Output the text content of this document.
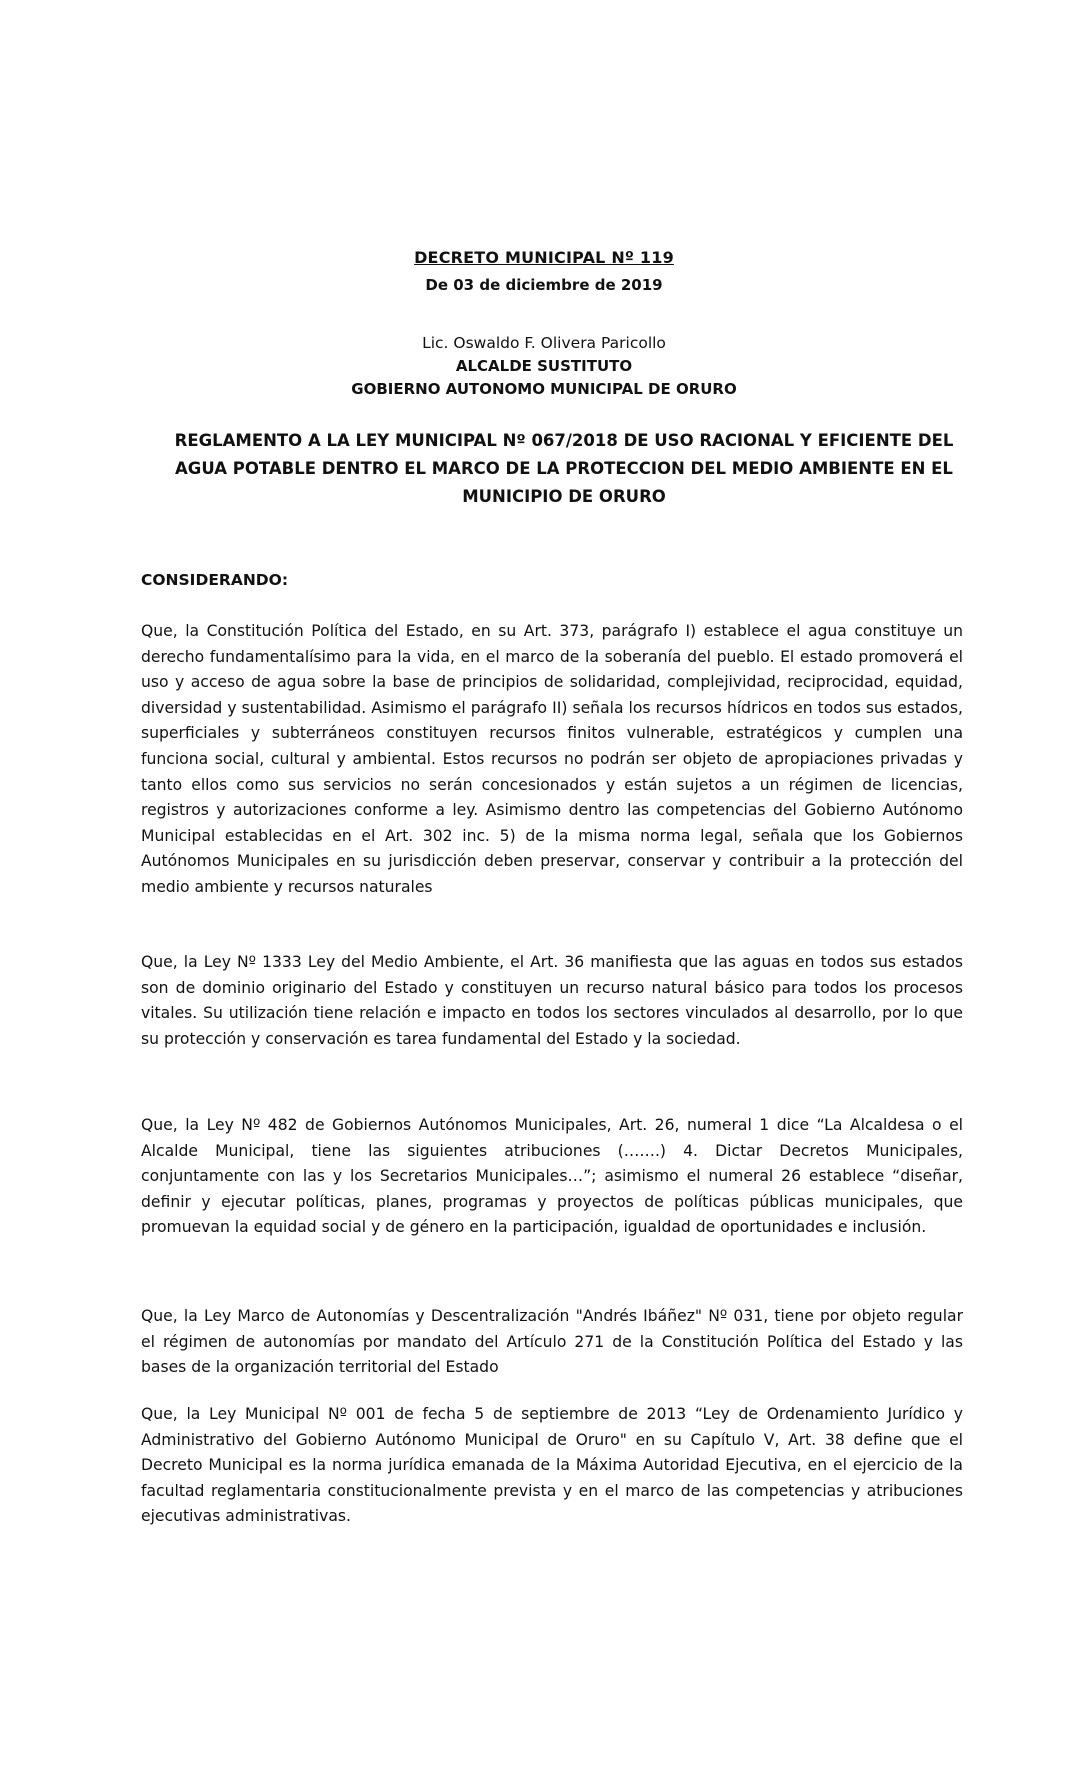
DECRETO MUNICIPAL Nº 119
De 03 de diciembre de 2019
Lic. Oswaldo F. Olivera Paricollo
ALCALDE SUSTITUTO
GOBIERNO AUTONOMO MUNICIPAL DE ORURO
REGLAMENTO A LA LEY MUNICIPAL Nº 067/2018 DE USO RACIONAL Y EFICIENTE DEL AGUA POTABLE DENTRO EL MARCO DE LA PROTECCION DEL MEDIO AMBIENTE EN EL MUNICIPIO DE ORURO
CONSIDERANDO:

Que, la Constitución Política del Estado, en su Art. 373, parágrafo I) establece el agua constituye un derecho fundamentalísimo para la vida, en el marco de la soberanía del pueblo. El estado promoverá el uso y acceso de agua sobre la base de principios de solidaridad, complejividad, reciprocidad, equidad, diversidad y sustentabilidad. Asimismo el parágrafo II) señala los recursos hídricos en todos sus estados, superficiales y subterráneos constituyen recursos finitos vulnerable, estratégicos y cumplen una funciona social, cultural y ambiental. Estos recursos no podrán ser objeto de apropiaciones privadas y tanto ellos como sus servicios no serán concesionados y están sujetos a un régimen de licencias, registros y autorizaciones conforme a ley. Asimismo dentro las competencias del Gobierno Autónomo Municipal establecidas en el Art. 302 inc. 5) de la misma norma legal, señala que los Gobiernos Autónomos Municipales en su jurisdicción deben preservar, conservar y contribuir a la protección del medio ambiente y recursos naturales

Que, la Ley Nº 1333 Ley del Medio Ambiente, el Art. 36 manifiesta que las aguas en todos sus estados son de dominio originario del Estado y constituyen un recurso natural básico para todos los procesos vitales. Su utilización tiene relación e impacto en todos los sectores vinculados al desarrollo, por lo que su protección y conservación es tarea fundamental del Estado y la sociedad.

Que, la Ley Nº 482 de Gobiernos Autónomos Municipales, Art. 26, numeral 1 dice “La Alcaldesa o el Alcalde Municipal, tiene las siguientes atribuciones (…….) 4. Dictar Decretos Municipales, conjuntamente con las y los Secretarios Municipales…”; asimismo el numeral 26 establece “diseñar, definir y ejecutar políticas, planes, programas y proyectos de políticas públicas municipales, que promuevan la equidad social y de género en la participación, igualdad de oportunidades e inclusión.

Que, la Ley Marco de Autonomías y Descentralización "Andrés Ibáñez" Nº 031, tiene por objeto regular el régimen de autonomías por mandato del Artículo 271 de la Constitución Política del Estado y las bases de la organización territorial del Estado

Que, la Ley Municipal Nº 001 de fecha 5 de septiembre de 2013 “Ley de Ordenamiento Jurídico y Administrativo del Gobierno Autónomo Municipal de Oruro" en su Capítulo V, Art. 38 define que el Decreto Municipal es la norma jurídica emanada de la Máxima Autoridad Ejecutiva, en el ejercicio de la facultad reglamentaria constitucionalmente prevista y en el marco de las competencias y atribuciones ejecutivas administrativas.
